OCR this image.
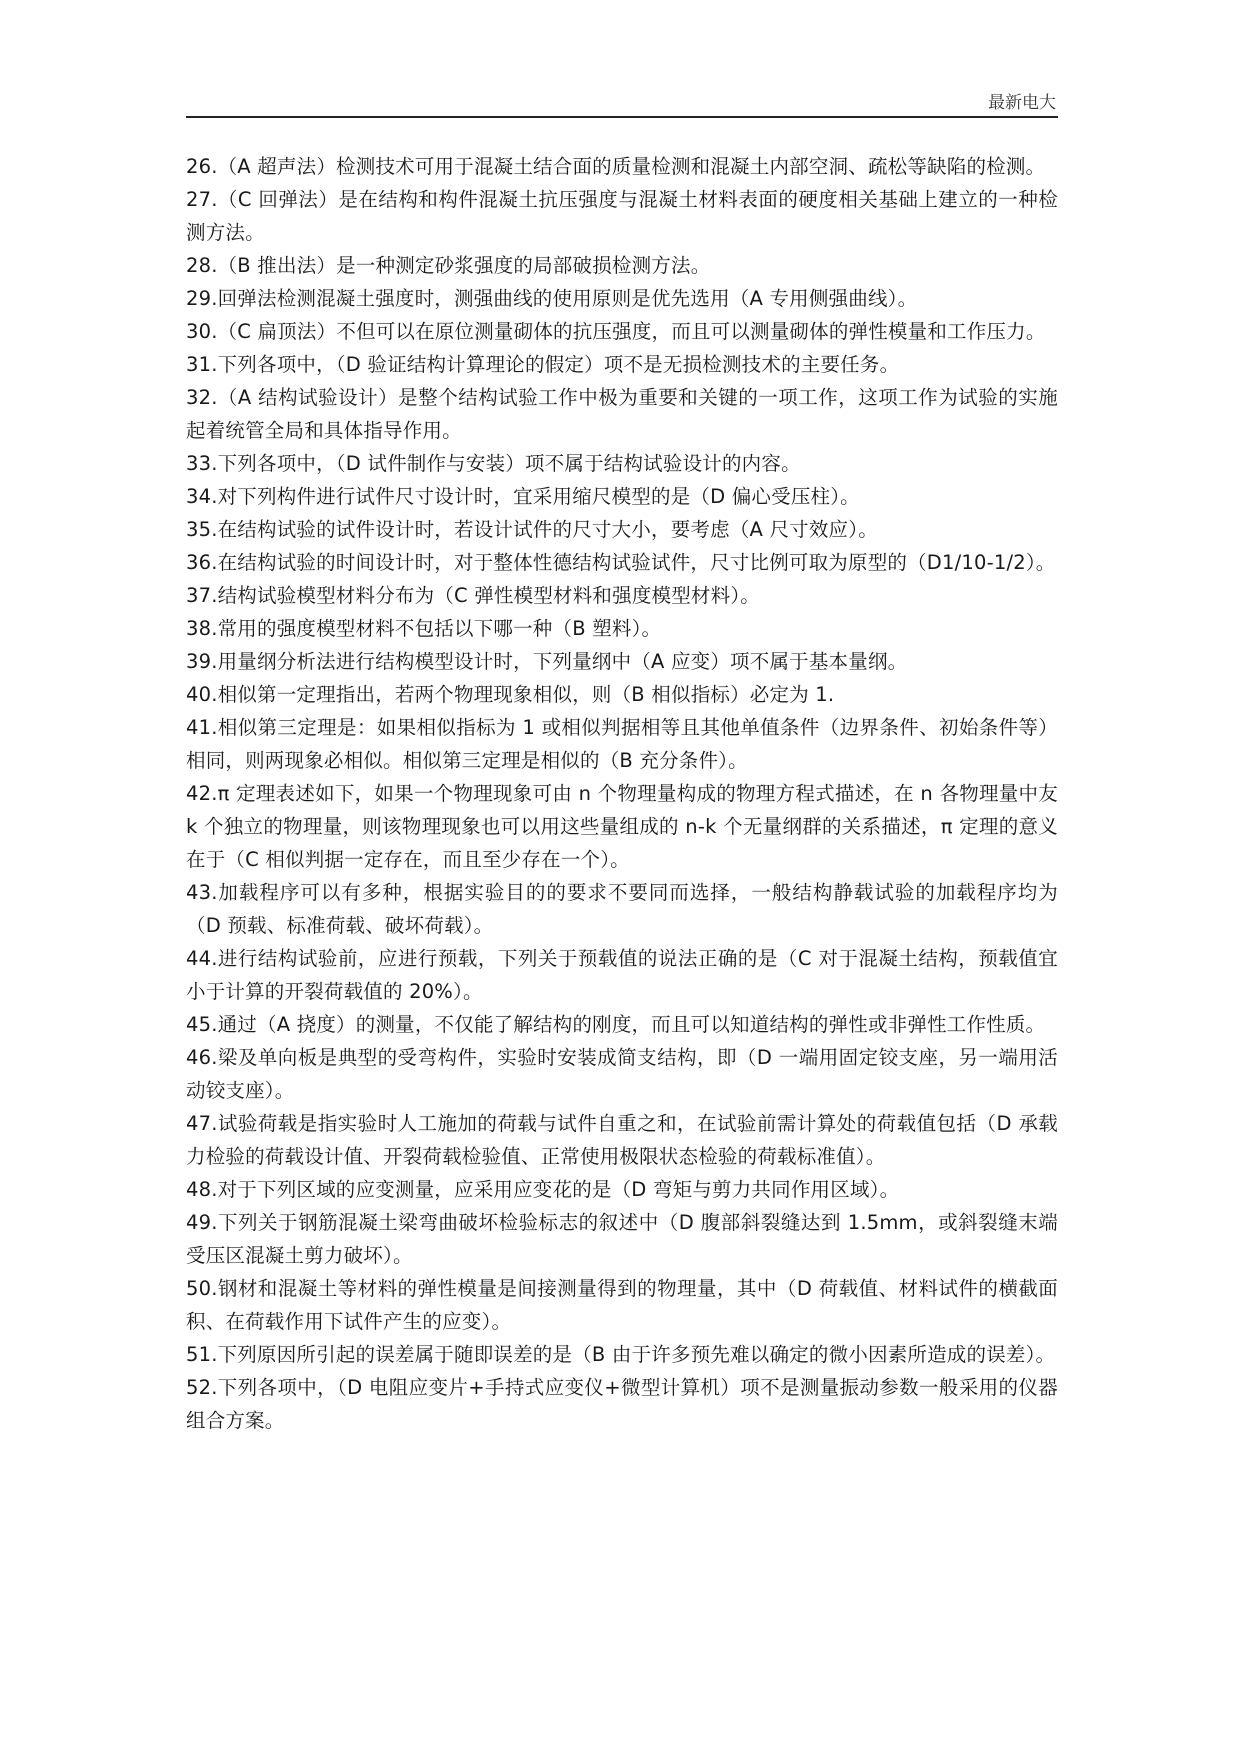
最新电大

26.（A 超声法）检测技术可用于混凝土结合面的质量检测和混凝土内部空洞、疏松等缺陷的检测。

27.（C 回弹法）是在结构和构件混凝土抗压强度与混凝土材料表面的硬度相关基础上建立的一种检测方法。

28.（B 推出法）是一种测定砂浆强度的局部破损检测方法。

29.回弹法检测混凝土强度时，测强曲线的使用原则是优先选用（A 专用侧强曲线）。

30.（C 扁顶法）不但可以在原位测量砌体的抗压强度，而且可以测量砌体的弹性模量和工作压力。

31.下列各项中，（D 验证结构计算理论的假定）项不是无损检测技术的主要任务。

32.（A 结构试验设计）是整个结构试验工作中极为重要和关键的一项工作，这项工作为试验的实施起着统管全局和具体指导作用。

33.下列各项中，（D 试件制作与安装）项不属于结构试验设计的内容。

34.对下列构件进行试件尺寸设计时，宜采用缩尺模型的是（D 偏心受压柱）。

35.在结构试验的试件设计时，若设计试件的尺寸大小，要考虑（A 尺寸效应）。

36.在结构试验的时间设计时，对于整体性德结构试验试件，尺寸比例可取为原型的（D1/10-1/2）。

37.结构试验模型材料分布为（C 弹性模型材料和强度模型材料）。

38.常用的强度模型材料不包括以下哪一种（B 塑料）。

39.用量纲分析法进行结构模型设计时，下列量纲中（A 应变）项不属于基本量纲。

40.相似第一定理指出，若两个物理现象相似，则（B 相似指标）必定为 1.

41.相似第三定理是：如果相似指标为 1 或相似判据相等且其他单值条件（边界条件、初始条件等）相同，则两现象必相似。相似第三定理是相似的（B 充分条件）。

42.π 定理表述如下，如果一个物理现象可由 n 个物理量构成的物理方程式描述，在 n 各物理量中友 k 个独立的物理量，则该物理现象也可以用这些量组成的 n-k 个无量纲群的关系描述，π 定理的意义在于（C 相似判据一定存在，而且至少存在一个）。

43.加载程序可以有多种，根据实验目的的要求不要同而选择，一般结构静载试验的加载程序均为（D 预载、标准荷载、破坏荷载）。

44.进行结构试验前，应进行预载，下列关于预载值的说法正确的是（C 对于混凝土结构，预载值宜小于计算的开裂荷载值的 20%）。

45.通过（A 挠度）的测量，不仅能了解结构的刚度，而且可以知道结构的弹性或非弹性工作性质。

46.梁及单向板是典型的受弯构件，实验时安装成简支结构，即（D 一端用固定铰支座，另一端用活动铰支座）。

47.试验荷载是指实验时人工施加的荷载与试件自重之和，在试验前需计算处的荷载值包括（D 承载力检验的荷载设计值、开裂荷载检验值、正常使用极限状态检验的荷载标准值）。

48.对于下列区域的应变测量，应采用应变花的是（D 弯矩与剪力共同作用区域）。

49.下列关于钢筋混凝土梁弯曲破坏检验标志的叙述中（D 腹部斜裂缝达到 1.5mm，或斜裂缝末端受压区混凝土剪力破坏）。

50.钢材和混凝土等材料的弹性模量是间接测量得到的物理量，其中（D 荷载值、材料试件的横截面积、在荷载作用下试件产生的应变）。

51.下列原因所引起的误差属于随即误差的是（B 由于许多预先难以确定的微小因素所造成的误差）。

52.下列各项中，（D 电阻应变片+手持式应变仪+微型计算机）项不是测量振动参数一般采用的仪器组合方案。
